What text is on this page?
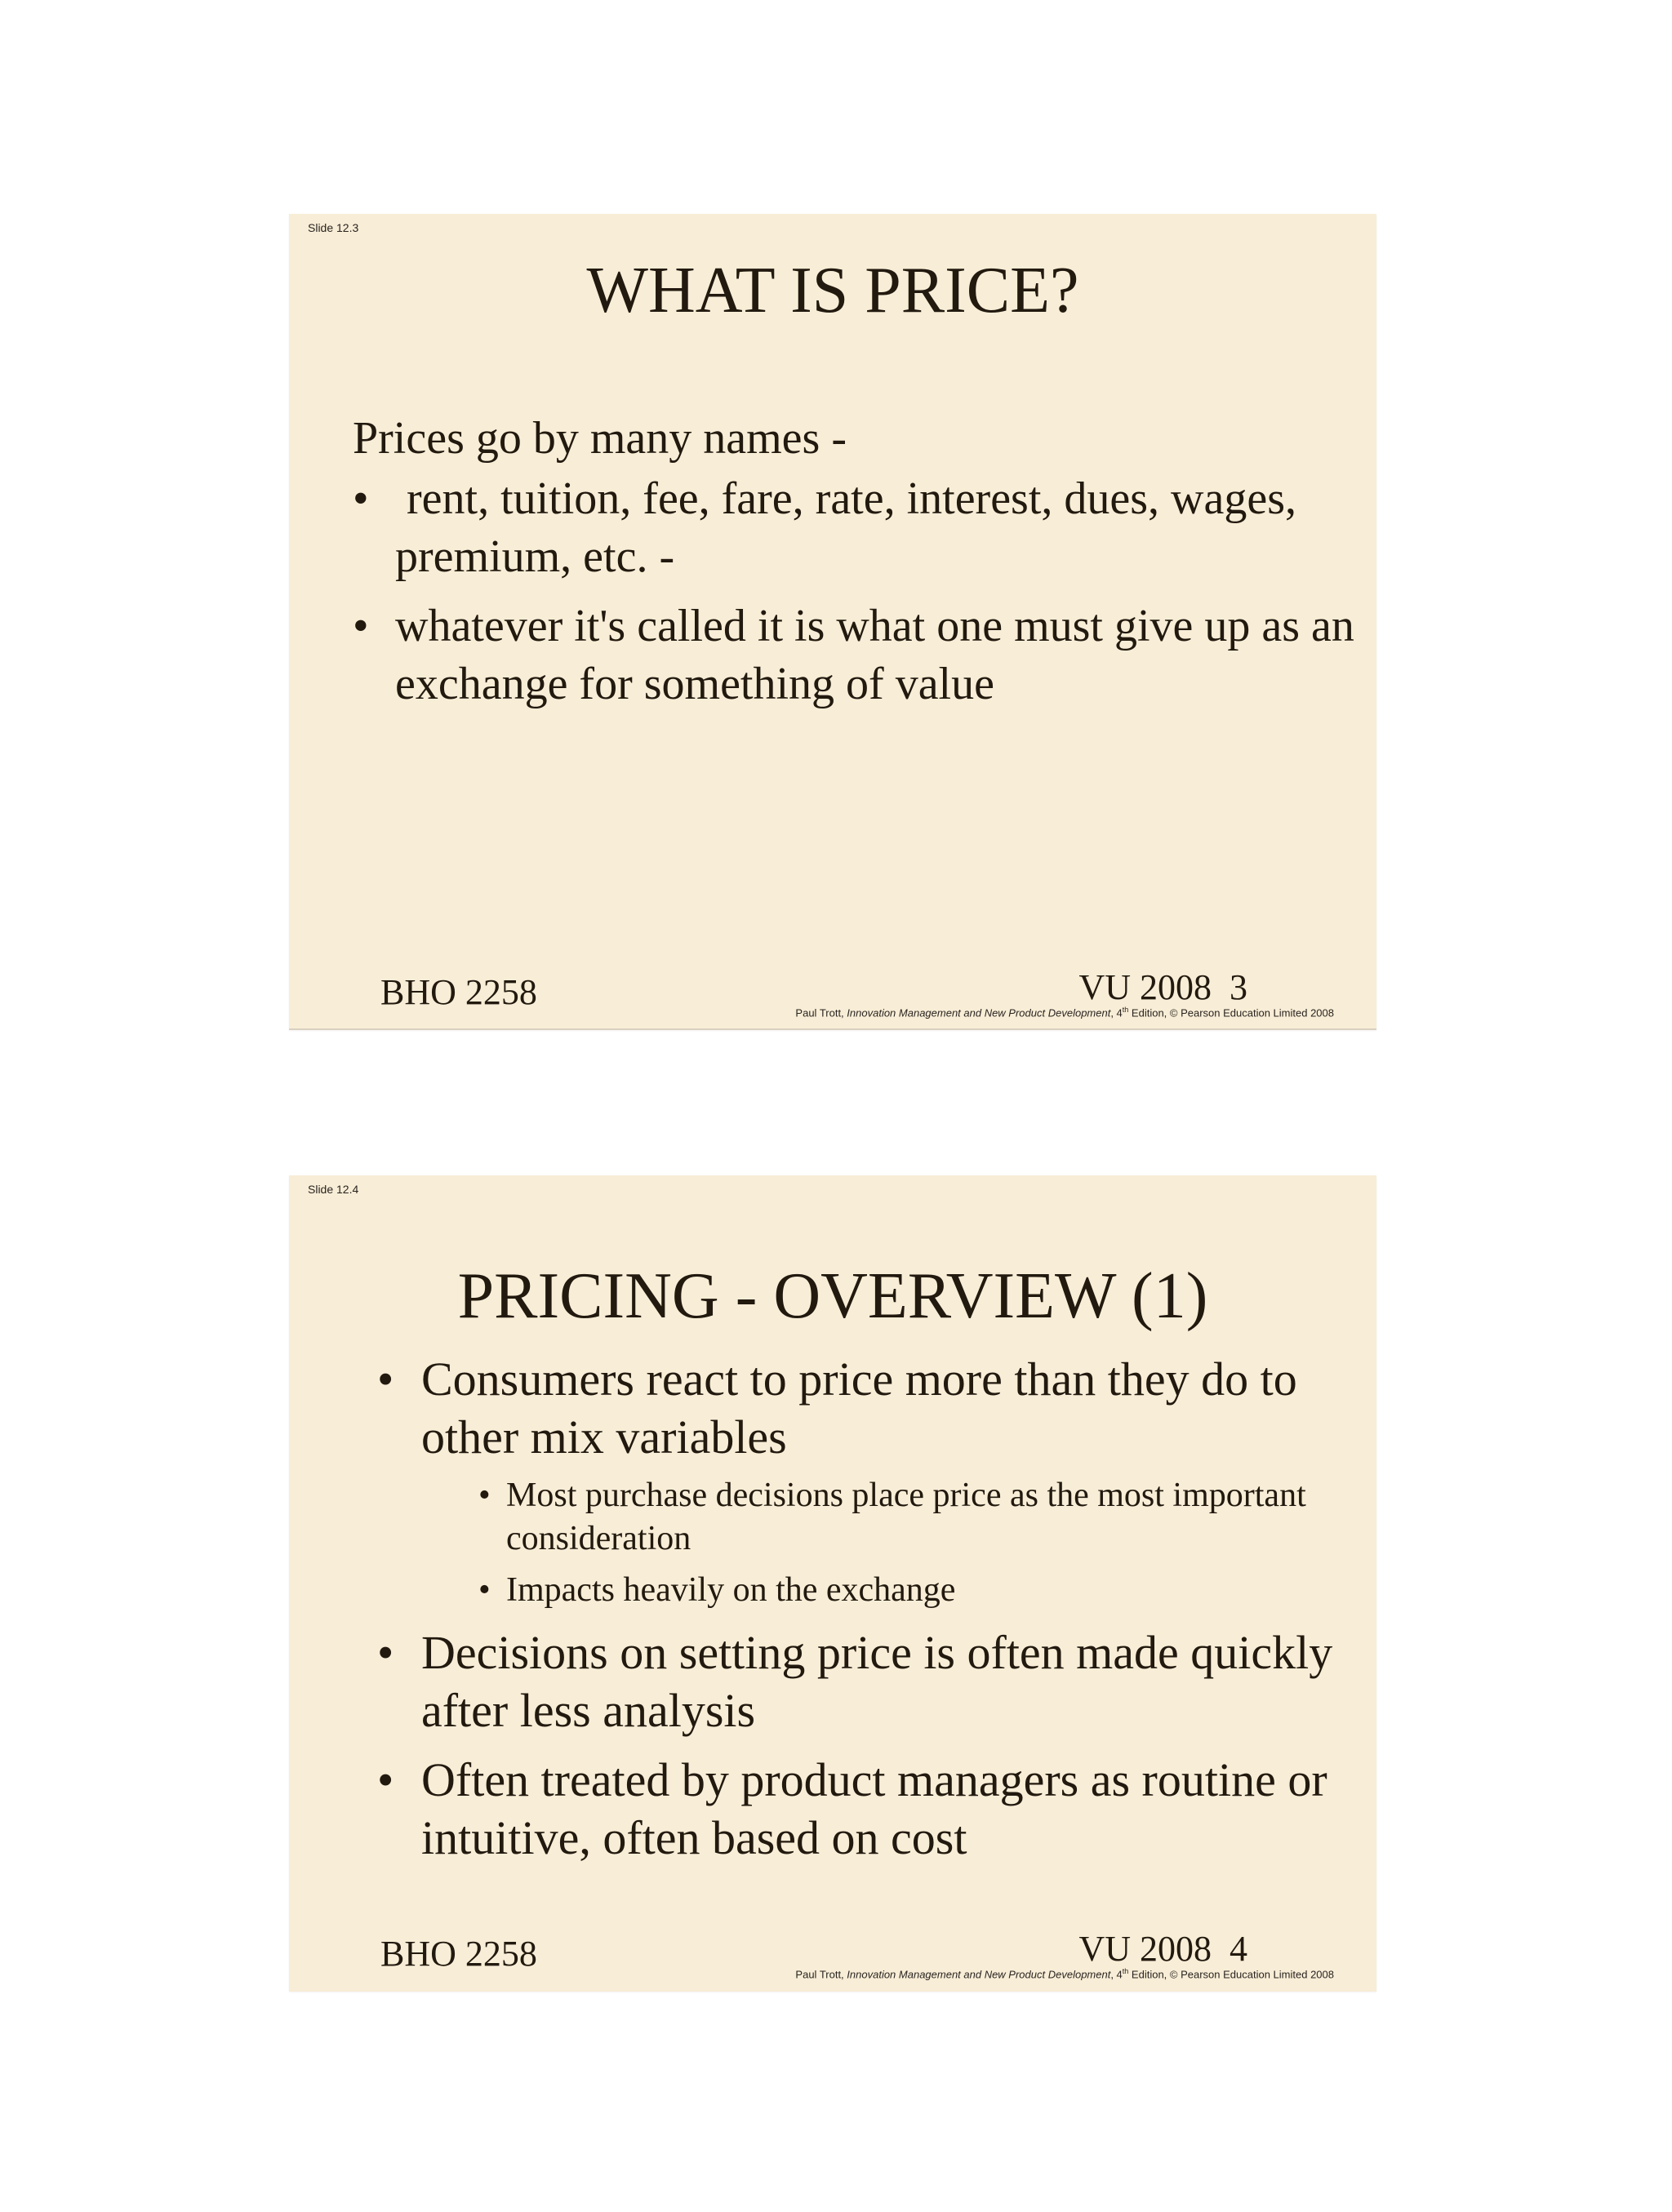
Slide 12.3
WHAT IS PRICE?

Prices go by many names -

• rent, tuition, fee, fare, rate, interest, dues, wages, premium, etc. -
• whatever it's called it is what one must give up as an exchange for something of value
BHO 2258	VU 2008  3
Paul Trott, Innovation Management and New Product Development, 4th Edition, © Pearson Education Limited 2008
Slide 12.4
PRICING - OVERVIEW (1)
• Consumers react to price more than they do to other mix variables
• Most purchase decisions place price as the most important consideration
• Impacts heavily on the exchange
• Decisions on setting price is often made quickly after less analysis
• Often treated by product managers as routine or intuitive, often based on cost
BHO 2258	VU 2008  4
Paul Trott, Innovation Management and New Product Development, 4th Edition, © Pearson Education Limited 2008
